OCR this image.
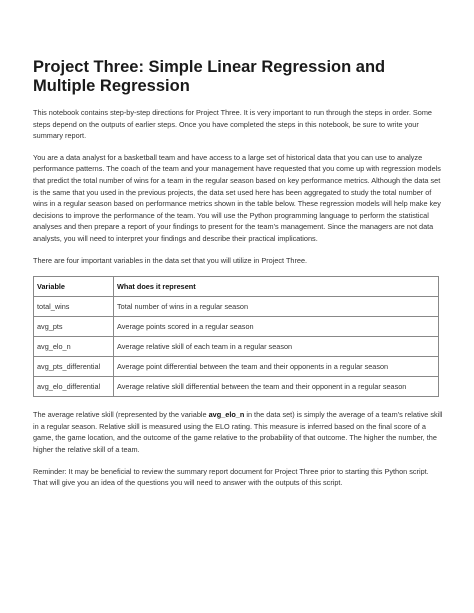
Project Three: Simple Linear Regression and Multiple Regression

This notebook contains step-by-step directions for Project Three. It is very important to run through the steps in order. Some steps depend on the outputs of earlier steps. Once you have completed the steps in this notebook, be sure to write your summary report.

You are a data analyst for a basketball team and have access to a large set of historical data that you can use to analyze performance patterns. The coach of the team and your management have requested that you come up with regression models that predict the total number of wins for a team in the regular season based on key performance metrics. Although the data set is the same that you used in the previous projects, the data set used here has been aggregated to study the total number of wins in a regular season based on performance metrics shown in the table below. These regression models will help make key decisions to improve the performance of the team. You will use the Python programming language to perform the statistical analyses and then prepare a report of your findings to present for the team’s management. Since the managers are not data analysts, you will need to interpret your findings and describe their practical implications.

There are four important variables in the data set that you will utilize in Project Three.

Variable	What does it represent
total_wins	Total number of wins in a regular season
avg_pts	Average points scored in a regular season
avg_elo_n	Average relative skill of each team in a regular season
avg_pts_differential	Average point differential between the team and their opponents in a regular season
avg_elo_differential	Average relative skill differential between the team and their opponent in a regular season

The average relative skill (represented by the variable avg_elo_n in the data set) is simply the average of a team’s relative skill in a regular season. Relative skill is measured using the ELO rating. This measure is inferred based on the final score of a game, the game location, and the outcome of the game relative to the probability of that outcome. The higher the number, the higher the relative skill of a team.

Reminder: It may be beneficial to review the summary report document for Project Three prior to starting this Python script. That will give you an idea of the questions you will need to answer with the outputs of this script.
